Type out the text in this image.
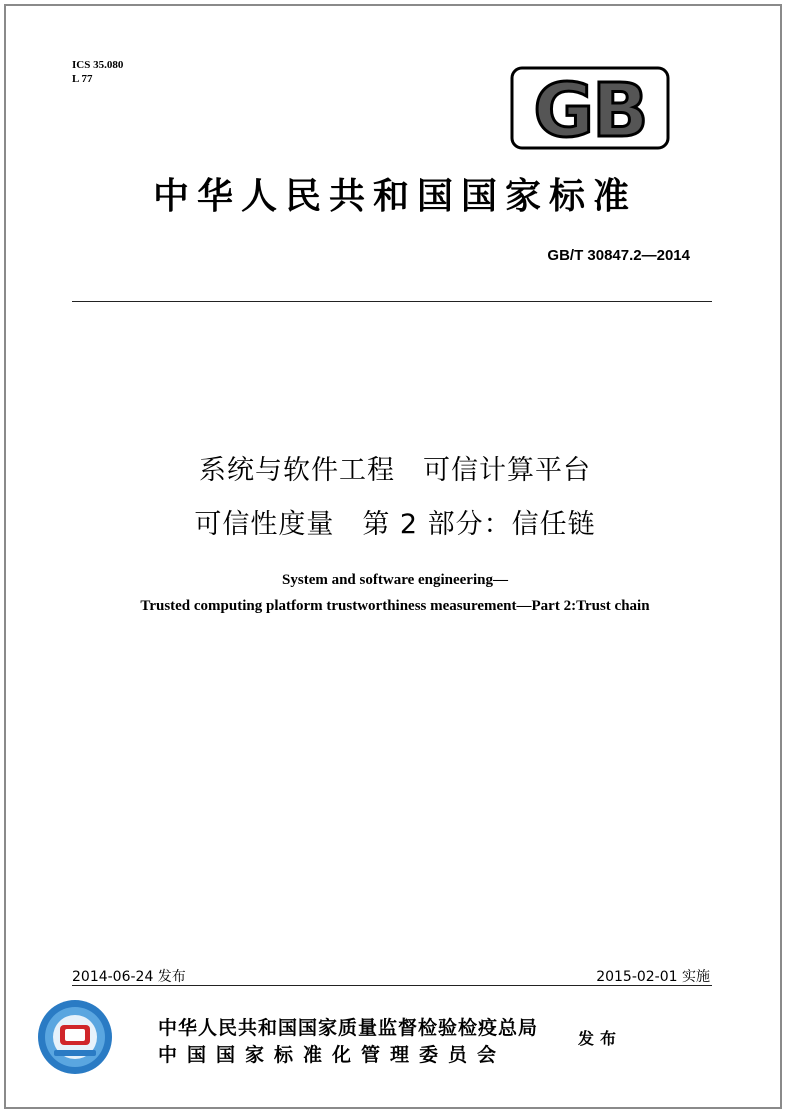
ICS 35.080
L 77	GB
中华人民共和国国家标准
GB/T 30847.2—2014
系统与软件工程　可信计算平台
可信性度量　第 2 部分：信任链
System and software engineering—
Trusted computing platform trustworthiness measurement—Part 2:Trust chain
2014-06-24 发布	2015-02-01 实施
中华人民共和国国家质量监督检验检疫总局
中国国家标准化管理委员会
发布
